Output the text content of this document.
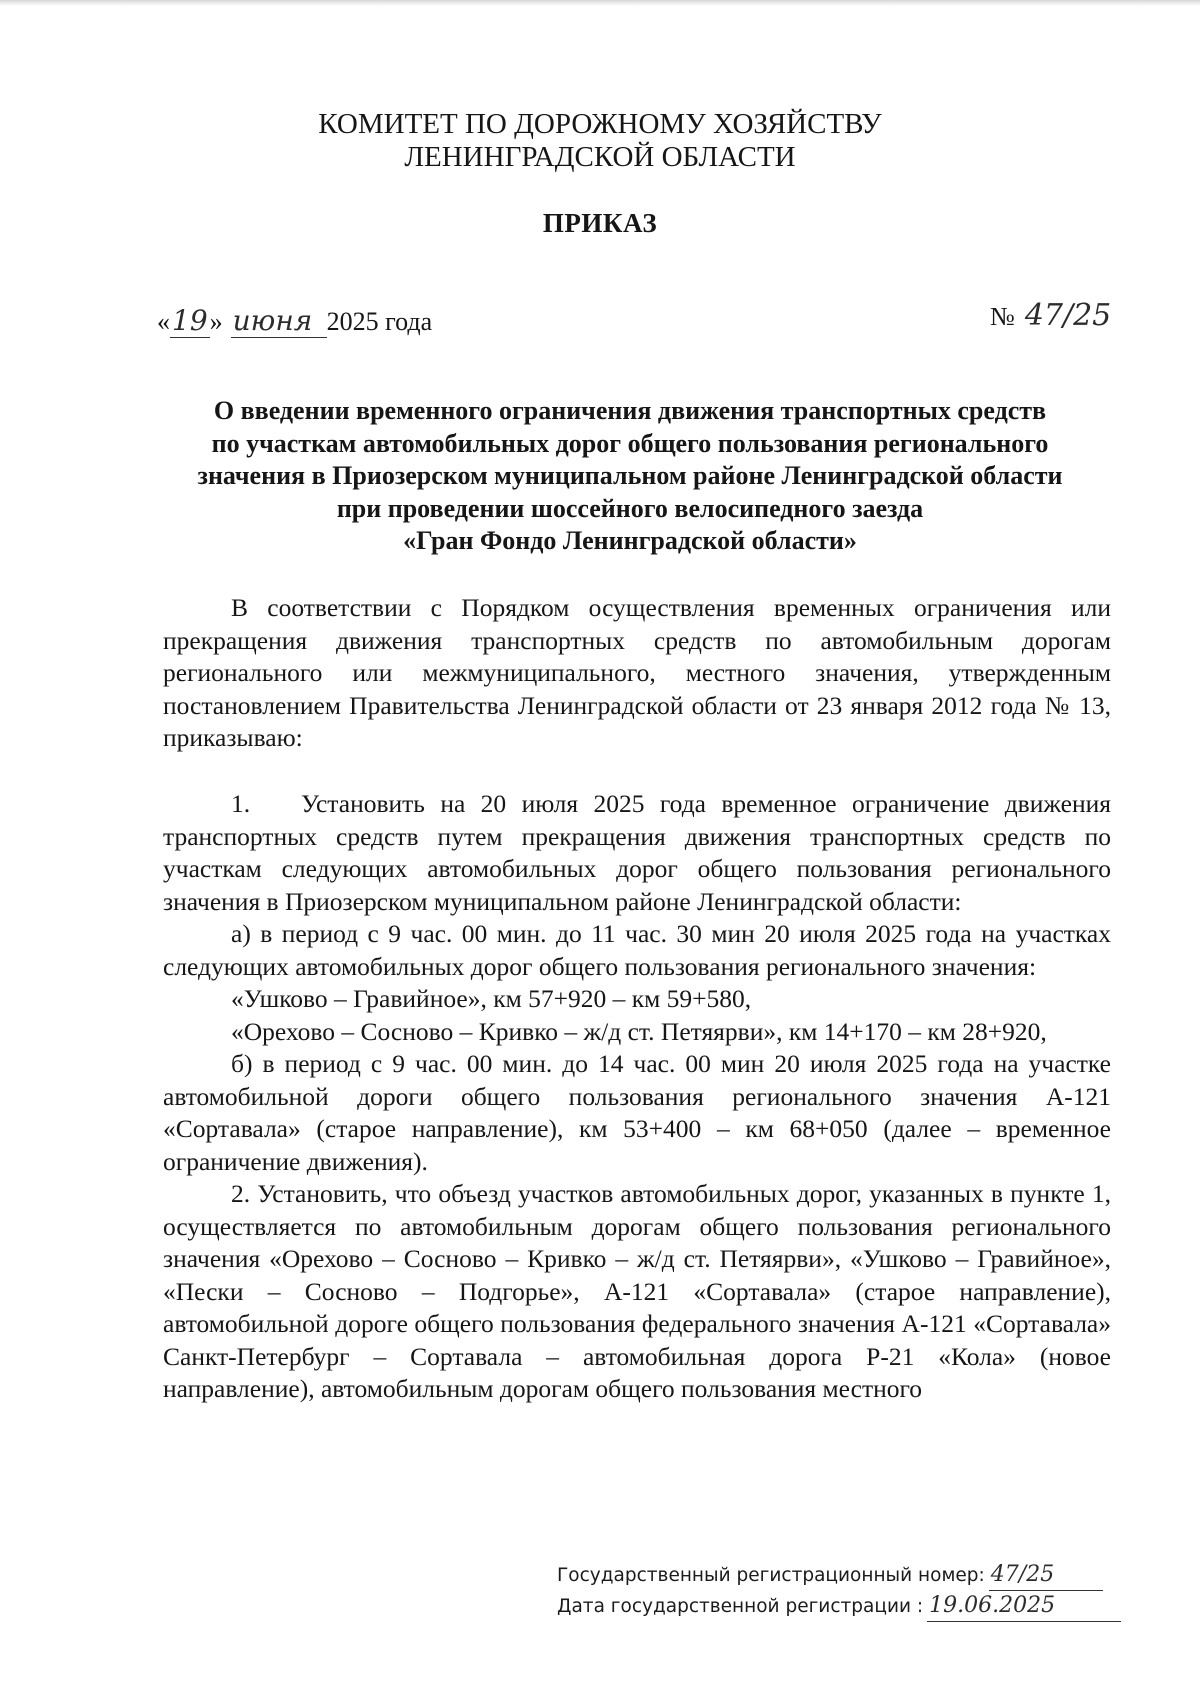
КОМИТЕТ ПО ДОРОЖНОМУ ХОЗЯЙСТВУ
ЛЕНИНГРАДСКОЙ ОБЛАСТИ
ПРИКАЗ
«19» июня 2025 года	№ 47/25
О введении временного ограничения движения транспортных средств
по участкам автомобильных дорог общего пользования регионального
значения в Приозерском муниципальном районе Ленинградской области
при проведении шоссейного велосипедного заезда
«Гран Фондо Ленинградской области»

В соответствии с Порядком осуществления временных ограничения или прекращения движения транспортных средств по автомобильным дорогам регионального или межмуниципального, местного значения, утвержденным постановлением Правительства Ленинградской области от 23 января 2012 года № 13, приказываю:

1. Установить на 20 июля 2025 года временное ограничение движения транспортных средств путем прекращения движения транспортных средств по участкам следующих автомобильных дорог общего пользования регионального значения в Приозерском муниципальном районе Ленинградской области:

а) в период с 9 час. 00 мин. до 11 час. 30 мин 20 июля 2025 года на участках следующих автомобильных дорог общего пользования регионального значения:

«Ушково – Гравийное», км 57+920 – км 59+580,

«Орехово – Сосново – Кривко – ж/д ст. Петяярви», км 14+170 – км 28+920,

б) в период с 9 час. 00 мин. до 14 час. 00 мин 20 июля 2025 года на участке автомобильной дороги общего пользования регионального значения А-121 «Сортавала» (старое направление), км 53+400 – км 68+050 (далее – временное ограничение движения).

2. Установить, что объезд участков автомобильных дорог, указанных в пункте 1, осуществляется по автомобильным дорогам общего пользования регионального значения «Орехово – Сосново – Кривко – ж/д ст. Петяярви», «Ушково – Гравийное», «Пески – Сосново – Подгорье», А-121 «Сортавала» (старое направление), автомобильной дороге общего пользования федерального значения А-121 «Сортавала» Санкт-Петербург – Сортавала – автомобильная дорога Р-21 «Кола» (новое направление), автомобильным дорогам общего пользования местного

Государственный регистрационный номер: 47/25
Дата государственной регистрации : 19.06.2025
